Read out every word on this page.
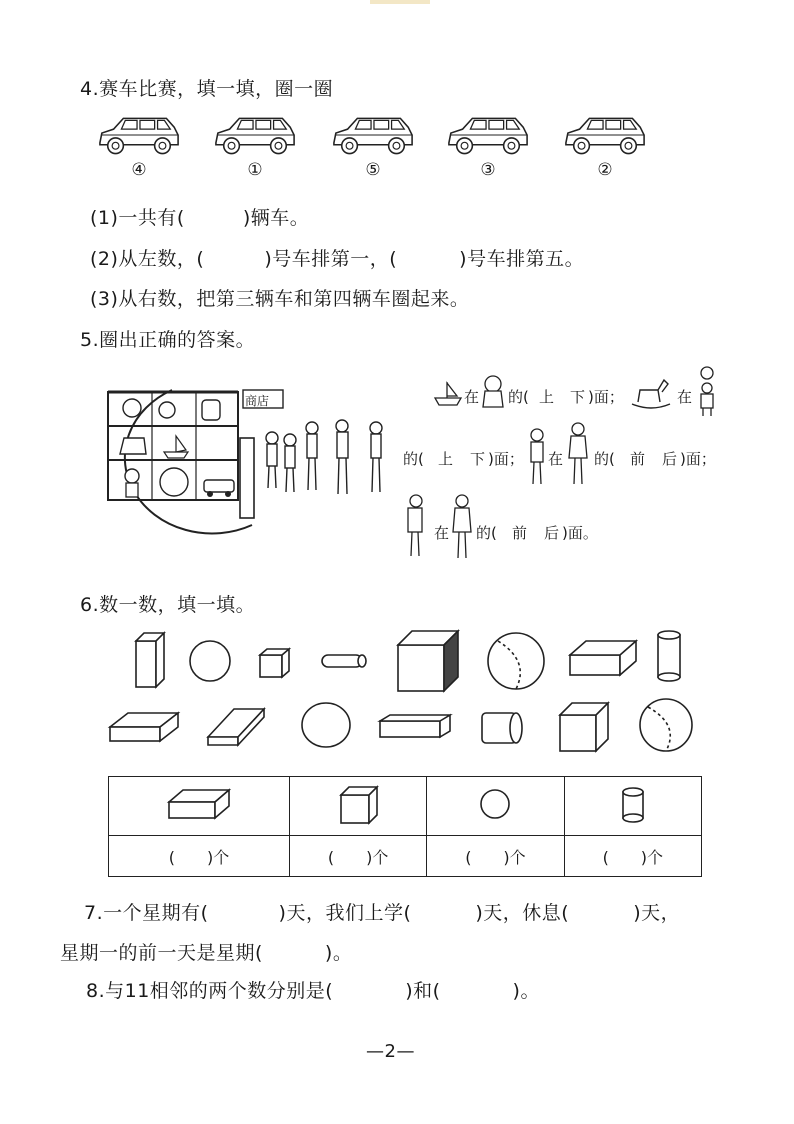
4.赛车比赛，填一填，圈一圈
④	①	⑤	③	②
(1)一共有(	)辆车。
(2)从左数，(	)号车排第一，(	)号车排第五。
(3)从右数，把第三辆车和第四辆车圈起来。
5.圈出正确的答案。
商店	在 的( 上 下 )面；	在
的( 上 下 )面； 在 的( 前 后 )面；
在 的( 前 后 )面。
6.数一数，填一填。

(　　)个	(　　)个	(　　)个	(　　)个
7.一个星期有(	)天，我们上学(	)天，休息(	)天，
星期一的前一天是星期(	)。
8.与11相邻的两个数分别是(	)和(	)。
—2—
